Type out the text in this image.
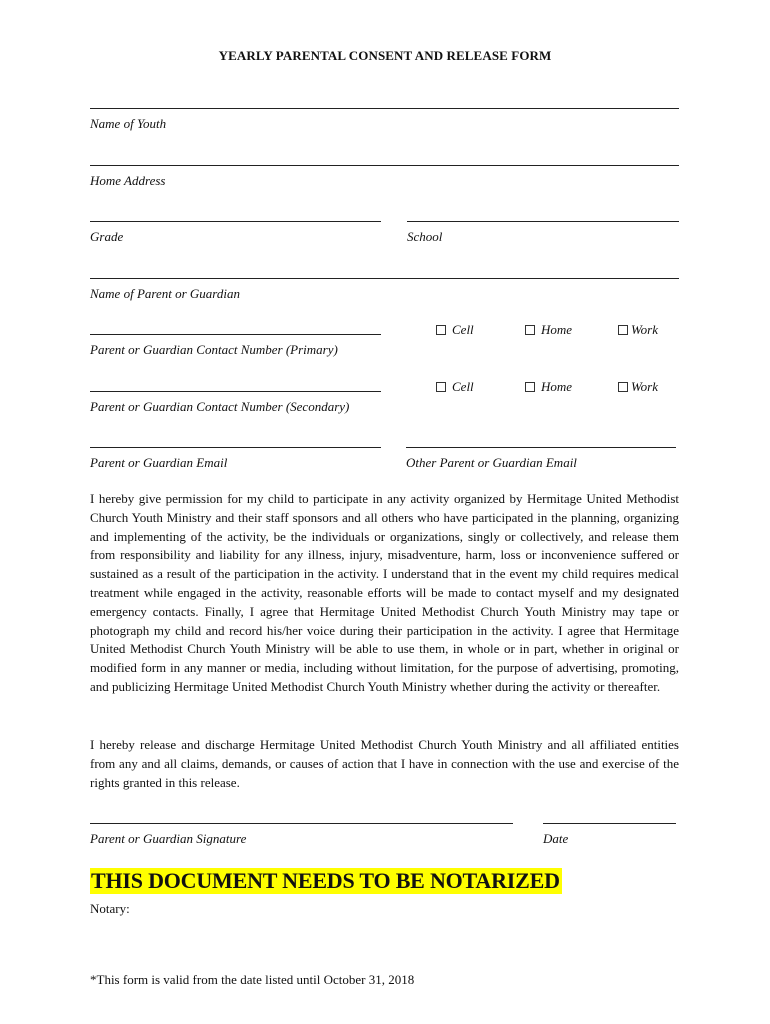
YEARLY PARENTAL CONSENT AND RELEASE FORM
Name of Youth
Home Address
Grade	School
Name of Parent or Guardian
Parent or Guardian Contact Number (Primary)
Cell	Home	Work
Parent or Guardian Contact Number (Secondary)
Cell	Home	Work
Parent or Guardian Email	Other Parent or Guardian Email
I hereby give permission for my child to participate in any activity organized by Hermitage United Methodist Church Youth Ministry and their staff sponsors and all others who have participated in the planning, organizing and implementing of the activity, be the individuals or organizations, singly or collectively, and release them from responsibility and liability for any illness, injury, misadventure, harm, loss or inconvenience suffered or sustained as a result of the participation in the activity. I understand that in the event my child requires medical treatment while engaged in the activity, reasonable efforts will be made to contact myself and my designated emergency contacts. Finally, I agree that Hermitage United Methodist Church Youth Ministry may tape or photograph my child and record his/her voice during their participation in the activity. I agree that Hermitage United Methodist Church Youth Ministry will be able to use them, in whole or in part, whether in original or modified form in any manner or media, including without limitation, for the purpose of advertising, promoting, and publicizing Hermitage United Methodist Church Youth Ministry whether during the activity or thereafter.
I hereby release and discharge Hermitage United Methodist Church Youth Ministry and all affiliated entities from any and all claims, demands, or causes of action that I have in connection with the use and exercise of the rights granted in this release.
Parent or Guardian Signature	Date
THIS DOCUMENT NEEDS TO BE NOTARIZED
Notary:
*This form is valid from the date listed until October 31, 2018
